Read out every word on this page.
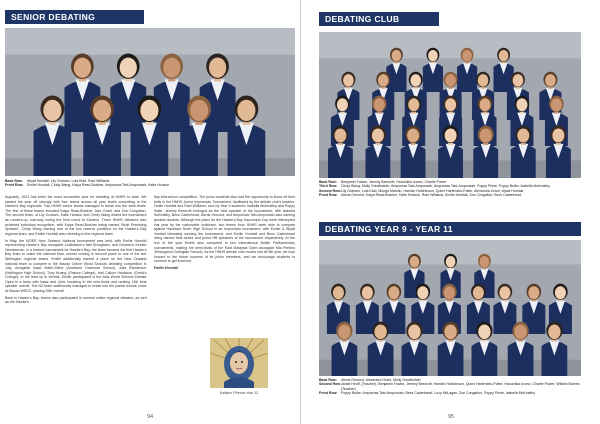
SENIOR DEBATING
Back Row:	Wyatt Horsfall, Lily Graham, Lola Kidd, Rani Williams
Front Row:	Emilie Horsfall, Cindy Wang, Kaiya Read-Butcher, Ampomaa Tabi-Amponsah, Katie Hodson

Arguably, 2021 has been the most successful year for debating at HNHS to date. We started the year off strongly with four teams across all year levels competing in the Hawke's Bay regionals. Two HNHS senior teams managed to break into the semi-finals. The first of these teams included Kaiya Read-Butcher, Alex Grant, and Zoe Congalton. The second team, of Lily Graham, Katie Hodson and Cindy Wang ended the tournament as runners-up, narrowly losing the final round to Karamu. Three HNHS debaters also achieved individual recognition, with Kaiya Read-Butcher being named 'Most Promising Speaker', Cindy Wang earning one of the two reserve positions on the Hawke's Bay regional team, and Emilie Horsfall also returning to the regional team.

In May, the NZIER New Zealand National tournament was held, with Emilie Horsfall representing Hawke's Bay alongside Lindisfarne's Neil Brougham, and Karamu's Keelan Heesterman, in a historic tournament for Hawke's Bay, the team became the first Hawke's Bay team to make the national final, overall coming in second place to one of the two Wellington regional teams. Emilie additionally earned a place on the New Zealand national team to compete in the Macau Online World Schools debating competition in July, alongside Isaac Malfo-Shine (Auckland Grammar School), Julia Randerson (Wellington High School), Tony Huang (Onslow College), and Callum Hackston (Christ's College). In the lead up to Worlds, Emilie participated in the Asia World Schools Debate Open in a team with Isaac and Julia, breaking to the octo-finals and ranking 11th best speaker overall. The NZ team additionally managed to break into the partial double octos at Macau WSDC, placing 20th overall.

Back in Hawke's Bay, teams also participated in several online regional debates, as well as the Hawke's

Bay interschool competition. The junior students also had the opportunity to show off their skills in the HNHS Junior Impromptu Tournament, facilitated by the debate club's leaders: Emilie Horsfall and Rani Williams, won by Year 9 students: Isabella McKeaithy and Poppy Buller. Jeremy Beecroft emerged as the best speaker of the tournament, with Isabella McKeaithy, Becs Cadenhead, Alexis Ormond, and Ampomaa Tabi-Amponsah also earning speaker awards. Although the plans for the Hawke's Bay Impromptu Cup were interrupted that year by the nationwide lockdown, two teams from HNHS were able to compete against Havelock North High School in an impromptu tournament, with Emilie & Wyatt Horsfall ultimately winning the tournament, and Emilie Horsfall and Becs Cadenhead being named best senior and junior HB speakers of the tournament respectively. At the end of the year Emilie also competed in two international British Parliamentary tournaments, making the semi-finals of the East Malaysia Open alongside Mia Perkins (Whanganui Collegiate School). As the HNHS debate club moves into its 5th year, we look forward to the future success of its junior members, and we encourage students to continue to get involved.

Emilie Horsfall

Kaitlynn Pillerow Year 12
94
DEBATING CLUB
Back Row:	Benjamin Fowke, Jeremy Beecroft, Haruchika Izumo, Charlie Power
Third Row:	Cindy Wang, Molly Greatholder, Ampomaa Tabi-Amponsah, Ampomaa Tabi-Amponsah, Poppy Pirnie, Poppy Buller, Isabella McKeaithy
Second Row: Lily Graham, Lola Kidd, Mungo Maruliu, Hamish Hutchinson, Quinn Hartemink-Potter, Alexandra Grant, Wyatt Horsfall
Front Row:	Alexis Ormond, Kaiya Read-Butcher, Katie Hodson, Rani Williams, Emilie Horsfall, Zoe Congalton, Becs Cadenhead
DEBATING YEAR 9 - YEAR 11
Back Row:	Alexis Ormond, Alexandra Grant, Molly Greatholder
Second Row: Jamie Heuff, (Teacher), Benjamin Fowke, Jeremy Beecroft, Hamish Hutchinson, Quinn Hartemink-Potter, Haruchika Izumo, Charlie Power, William Barnes (Teacher)
Front Row:	Poppy Buller, Ampomaa Tabi-Amponsah, Becs Cadenhead, Lucy McLagan, Zoe Congalton, Poppy Pirnie, Isabella McKeaithy
95
